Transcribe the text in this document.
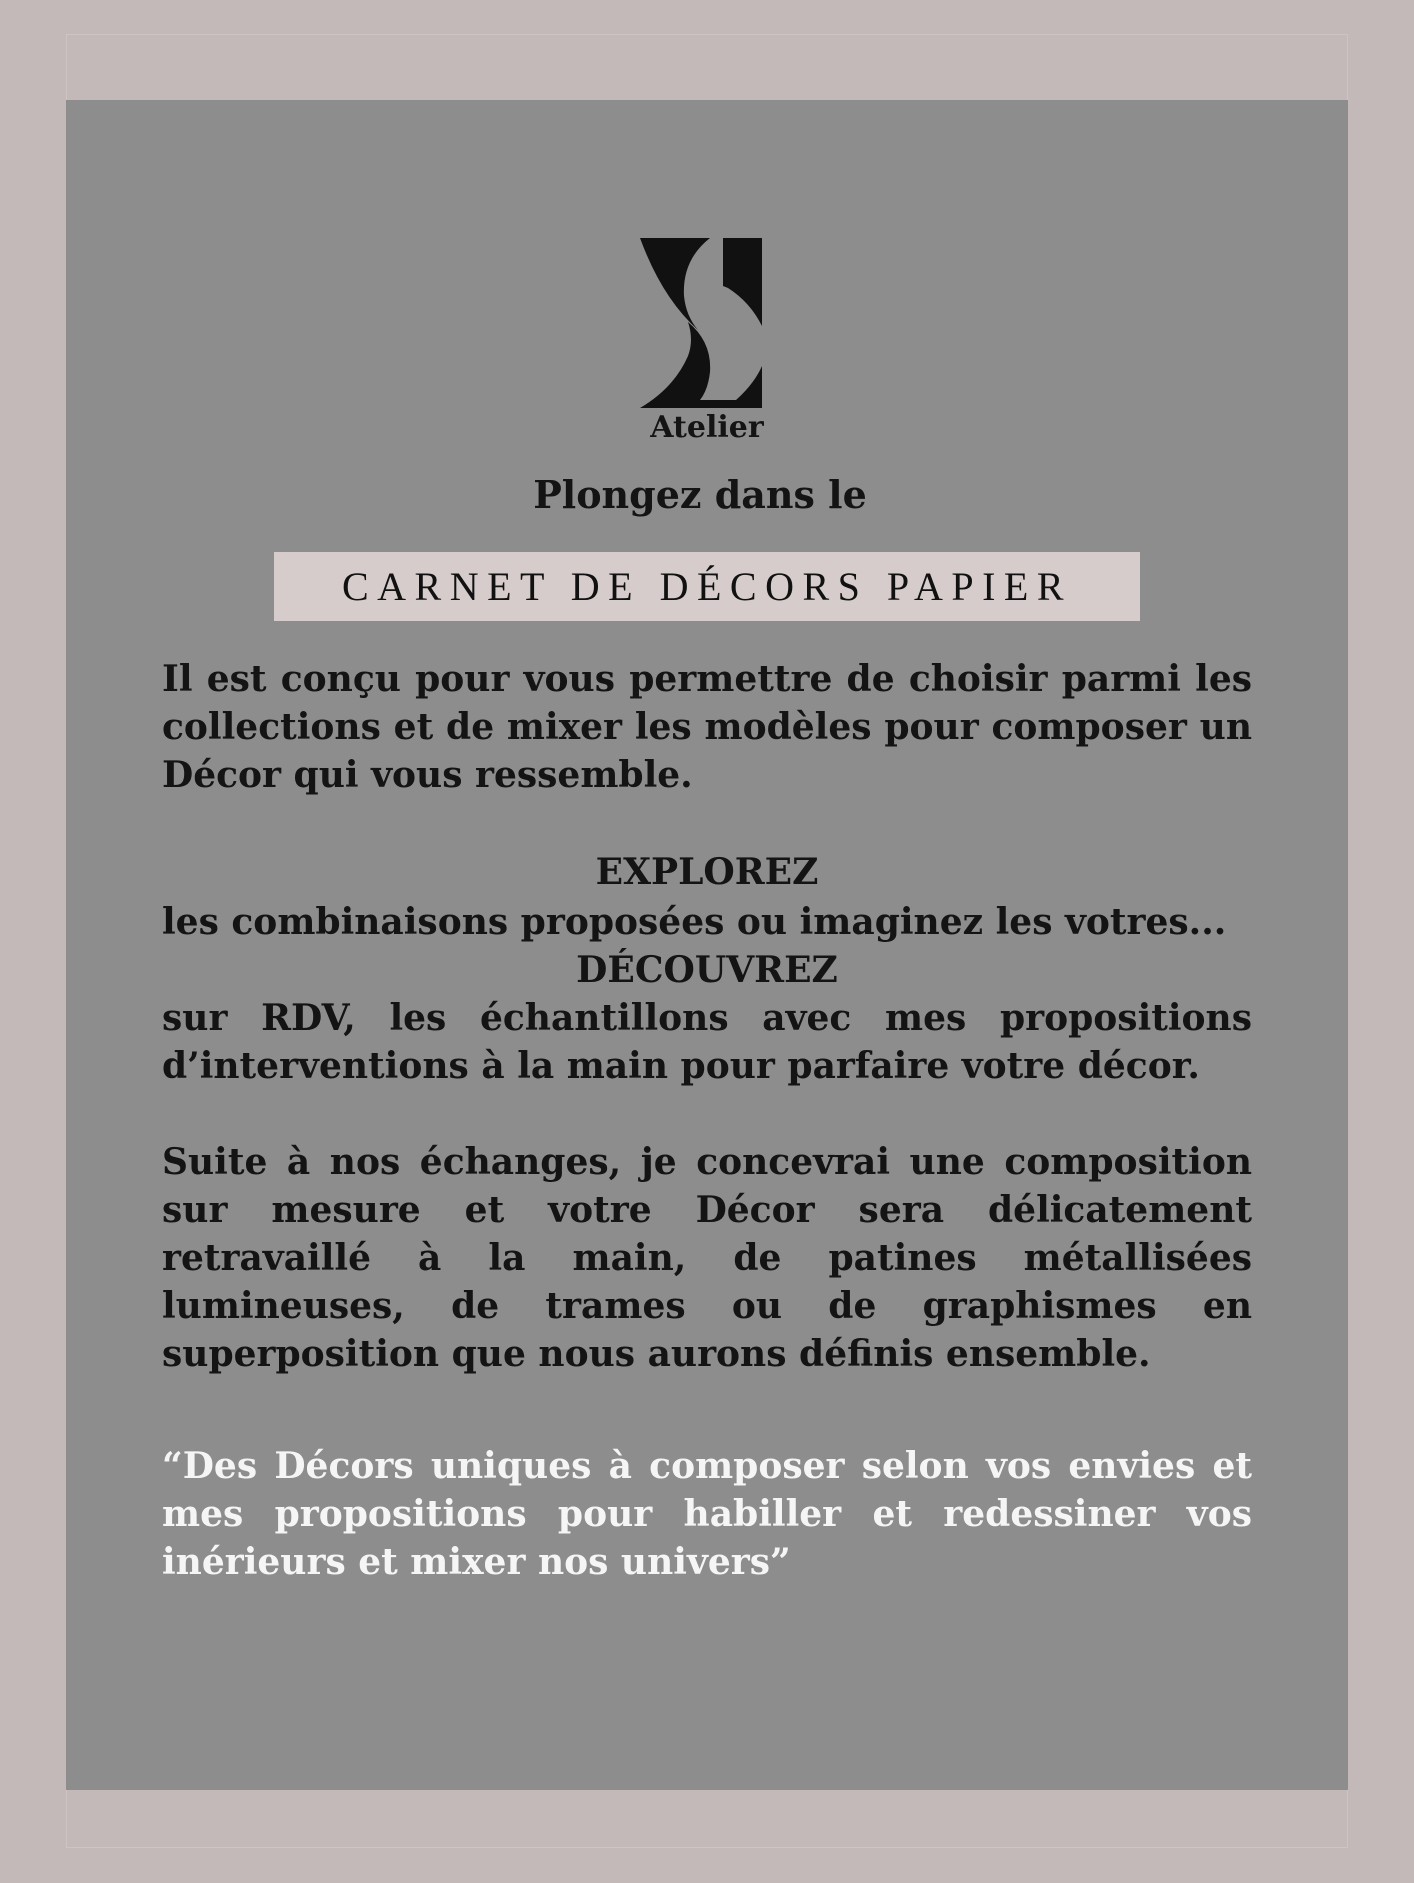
Atelier
Plongez dans le
CARNET DE DÉCORS PAPIER
Il est conçu pour vous permettre de choisir parmi les collections et de mixer les modèles pour composer un Décor qui vous ressemble.
EXPLOREZ
les combinaisons proposées ou imaginez les votres...
DÉCOUVREZ
sur RDV, les échantillons avec mes propositions d’interventions à la main pour parfaire votre décor.
Suite à nos échanges, je concevrai une composition sur mesure et votre Décor sera délicatement retravaillé à la main, de patines métallisées lumineuses, de trames ou de graphismes en superposition que nous aurons définis ensemble.
“Des Décors uniques à composer selon vos envies et mes propositions pour habiller et redessiner vos inérieurs et mixer nos univers”
